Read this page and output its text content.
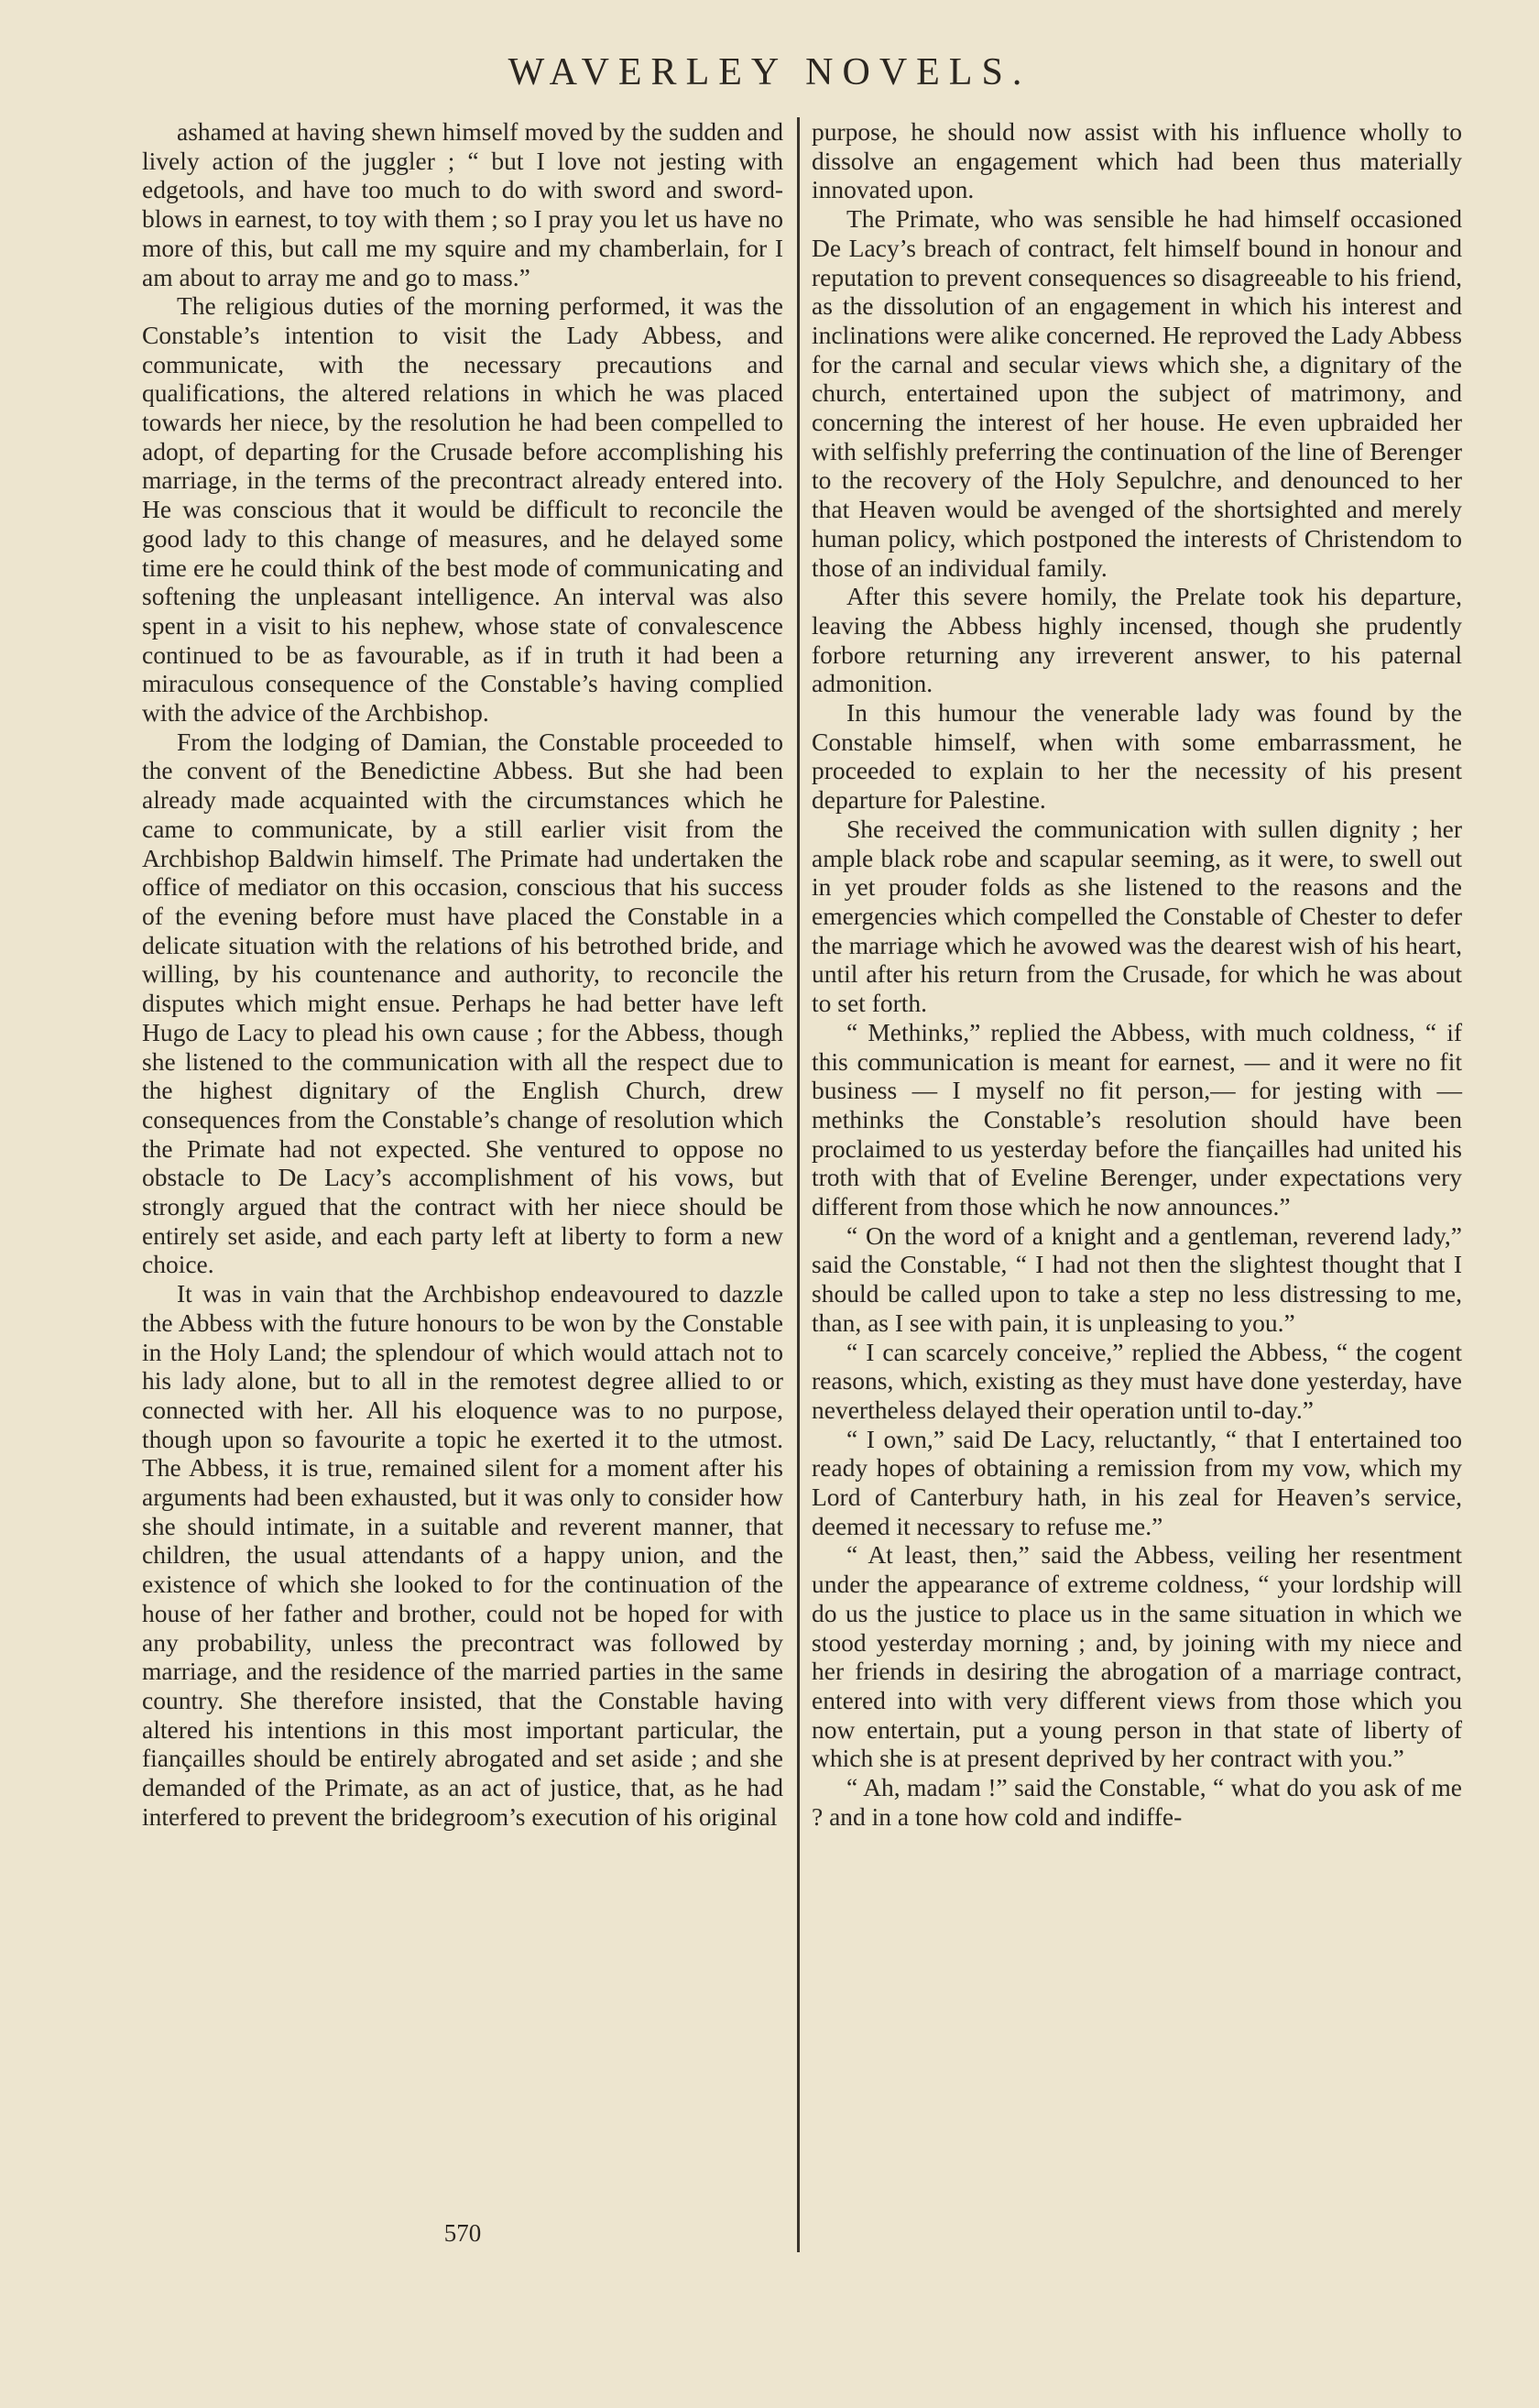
WAVERLEY NOVELS.

ashamed at having shewn himself moved by the sudden and lively action of the juggler ; “ but I love not jesting with edgetools, and have too much to do with sword and sword-blows in earnest, to toy with them ; so I pray you let us have no more of this, but call me my squire and my chamberlain, for I am about to array me and go to mass.”

The religious duties of the morning performed, it was the Constable’s intention to visit the Lady Abbess, and communicate, with the necessary precautions and qualifications, the altered relations in which he was placed towards her niece, by the resolution he had been compelled to adopt, of departing for the Crusade before accomplishing his marriage, in the terms of the precontract already entered into. He was conscious that it would be difficult to reconcile the good lady to this change of measures, and he delayed some time ere he could think of the best mode of communicating and softening the unpleasant intelligence. An interval was also spent in a visit to his nephew, whose state of convalescence continued to be as favourable, as if in truth it had been a miraculous consequence of the Constable’s having complied with the advice of the Archbishop.

From the lodging of Damian, the Constable proceeded to the convent of the Benedictine Abbess. But she had been already made acquainted with the circumstances which he came to communicate, by a still earlier visit from the Archbishop Baldwin himself. The Primate had undertaken the office of mediator on this occasion, conscious that his success of the evening before must have placed the Constable in a delicate situation with the relations of his betrothed bride, and willing, by his countenance and authority, to reconcile the disputes which might ensue. Perhaps he had better have left Hugo de Lacy to plead his own cause ; for the Abbess, though she listened to the communication with all the respect due to the highest dignitary of the English Church, drew consequences from the Constable’s change of resolution which the Primate had not expected. She ventured to oppose no obstacle to De Lacy’s accomplishment of his vows, but strongly argued that the contract with her niece should be entirely set aside, and each party left at liberty to form a new choice.

It was in vain that the Archbishop endeavoured to dazzle the Abbess with the future honours to be won by the Constable in the Holy Land; the splendour of which would attach not to his lady alone, but to all in the remotest degree allied to or connected with her. All his eloquence was to no purpose, though upon so favourite a topic he exerted it to the utmost. The Abbess, it is true, remained silent for a moment after his arguments had been exhausted, but it was only to consider how she should intimate, in a suitable and reverent manner, that children, the usual attendants of a happy union, and the existence of which she looked to for the continuation of the house of her father and brother, could not be hoped for with any probability, unless the precontract was followed by marriage, and the residence of the married parties in the same country. She therefore insisted, that the Constable having altered his intentions in this most important particular, the fiançailles should be entirely abrogated and set aside ; and she demanded of the Primate, as an act of justice, that, as he had interfered to prevent the bridegroom’s execution of his original

purpose, he should now assist with his influence wholly to dissolve an engagement which had been thus materially innovated upon.

The Primate, who was sensible he had himself occasioned De Lacy’s breach of contract, felt himself bound in honour and reputation to prevent consequences so disagreeable to his friend, as the dissolution of an engagement in which his interest and inclinations were alike concerned. He reproved the Lady Abbess for the carnal and secular views which she, a dignitary of the church, entertained upon the subject of matrimony, and concerning the interest of her house. He even upbraided her with selfishly preferring the continuation of the line of Berenger to the recovery of the Holy Sepulchre, and denounced to her that Heaven would be avenged of the shortsighted and merely human policy, which postponed the interests of Christendom to those of an individual family.

After this severe homily, the Prelate took his departure, leaving the Abbess highly incensed, though she prudently forbore returning any irreverent answer, to his paternal admonition.

In this humour the venerable lady was found by the Constable himself, when with some embarrassment, he proceeded to explain to her the necessity of his present departure for Palestine.

She received the communication with sullen dignity ; her ample black robe and scapular seeming, as it were, to swell out in yet prouder folds as she listened to the reasons and the emergencies which compelled the Constable of Chester to defer the marriage which he avowed was the dearest wish of his heart, until after his return from the Crusade, for which he was about to set forth.

“ Methinks,” replied the Abbess, with much coldness, “ if this communication is meant for earnest, — and it were no fit business — I myself no fit person,— for jesting with — methinks the Constable’s resolution should have been proclaimed to us yesterday before the fiançailles had united his troth with that of Eveline Berenger, under expectations very different from those which he now announces.”

“ On the word of a knight and a gentleman, reverend lady,” said the Constable, “ I had not then the slightest thought that I should be called upon to take a step no less distressing to me, than, as I see with pain, it is unpleasing to you.”

“ I can scarcely conceive,” replied the Abbess, “ the cogent reasons, which, existing as they must have done yesterday, have nevertheless delayed their operation until to-day.”

“ I own,” said De Lacy, reluctantly, “ that I entertained too ready hopes of obtaining a remission from my vow, which my Lord of Canterbury hath, in his zeal for Heaven’s service, deemed it necessary to refuse me.”

“ At least, then,” said the Abbess, veiling her resentment under the appearance of extreme coldness, “ your lordship will do us the justice to place us in the same situation in which we stood yesterday morning ; and, by joining with my niece and her friends in desiring the abrogation of a marriage contract, entered into with very different views from those which you now entertain, put a young person in that state of liberty of which she is at present deprived by her contract with you.”

“ Ah, madam !” said the Constable, “ what do you ask of me ? and in a tone how cold and indiffe-

570
